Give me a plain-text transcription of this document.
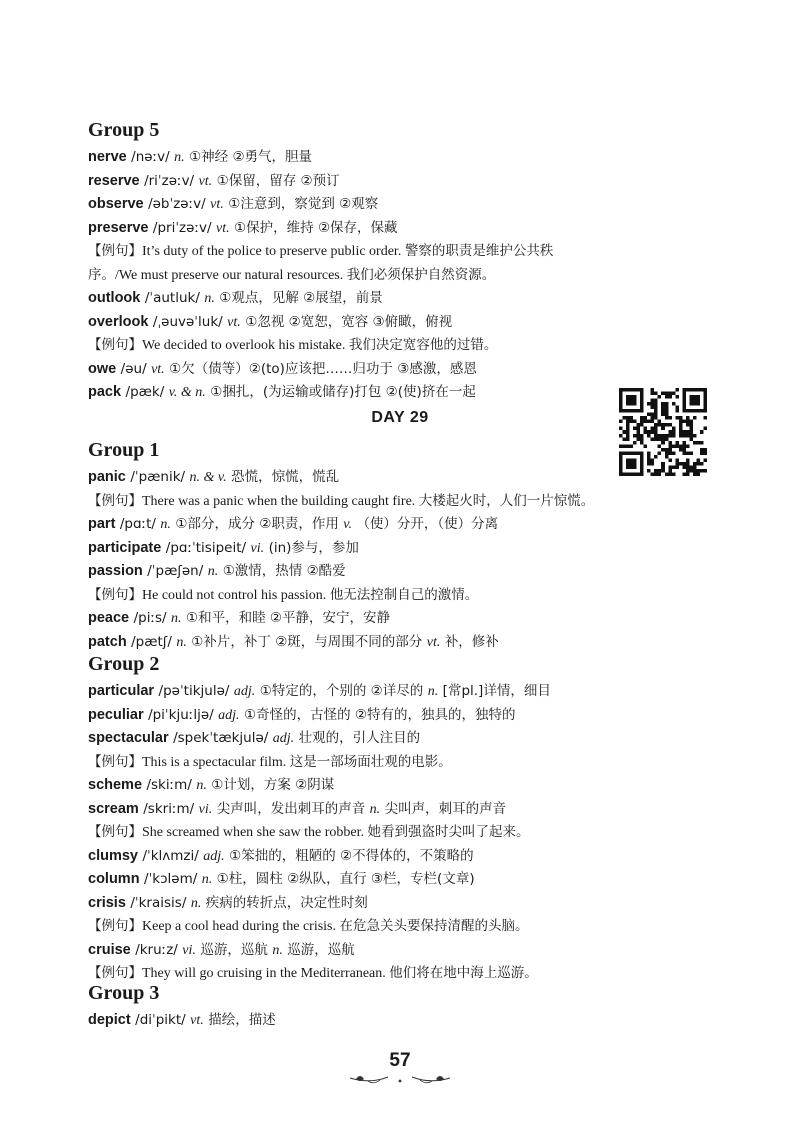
Group 5
nerve /nəːv/ n. ①神经 ②勇气，胆量
reserve /riˈzəːv/ vt. ①保留，留存 ②预订
observe /əbˈzəːv/ vt. ①注意到，察觉到 ②观察
preserve /priˈzəːv/ vt. ①保护，维持 ②保存，保藏
【例句】It’s duty of the police to preserve public order. 警察的职责是维护公共秩
序。/We must preserve our natural resources. 我们必须保护自然资源。
outlook /ˈautluk/ n. ①观点，见解 ②展望，前景
overlook /ˌəuvəˈluk/ vt. ①忽视 ②宽恕，宽容 ③俯瞰，俯视
【例句】We decided to overlook his mistake. 我们决定宽容他的过错。
owe /əu/ vt. ①欠（债等）②(to)应该把……归功于 ③感激，感恩
pack /pæk/ v. & n. ①捆扎，(为运输或储存)打包 ②(使)挤在一起
DAY 29
Group 1
panic /ˈpænik/ n. & v. 恐慌，惊慌，慌乱
【例句】There was a panic when the building caught fire. 大楼起火时，人们一片惊慌。
part /pɑːt/ n. ①部分，成分 ②职责，作用 v. （使）分开，（使）分离
participate /pɑːˈtisipeit/ vi. (in)参与，参加
passion /ˈpæʃən/ n. ①激情，热情 ②酷爱
【例句】He could not control his passion. 他无法控制自己的激情。
peace /piːs/ n. ①和平，和睦 ②平静，安宁，安静
patch /pætʃ/ n. ①补片，补丁 ②斑，与周围不同的部分 vt. 补，修补
Group 2
particular /pəˈtikjulə/ adj. ①特定的，个别的 ②详尽的 n. [常pl.]详情，细目
peculiar /piˈkjuːljə/ adj. ①奇怪的，古怪的 ②特有的，独具的，独特的
spectacular /spekˈtækjulə/ adj. 壮观的，引人注目的
【例句】This is a spectacular film. 这是一部场面壮观的电影。
scheme /skiːm/ n. ①计划，方案 ②阴谋
scream /skriːm/ vi. 尖声叫，发出刺耳的声音 n. 尖叫声，刺耳的声音
【例句】She screamed when she saw the robber. 她看到强盗时尖叫了起来。
clumsy /ˈklʌmzi/ adj. ①笨拙的，粗陋的 ②不得体的，不策略的
column /ˈkɔləm/ n. ①柱，圆柱 ②纵队，直行 ③栏，专栏(文章)
crisis /ˈkraisis/ n. 疾病的转折点，决定性时刻
【例句】Keep a cool head during the crisis. 在危急关头要保持清醒的头脑。
cruise /kruːz/ vi. 巡游，巡航 n. 巡游，巡航
【例句】They will go cruising in the Mediterranean. 他们将在地中海上巡游。
Group 3
depict /diˈpikt/ vt. 描绘，描述
57
